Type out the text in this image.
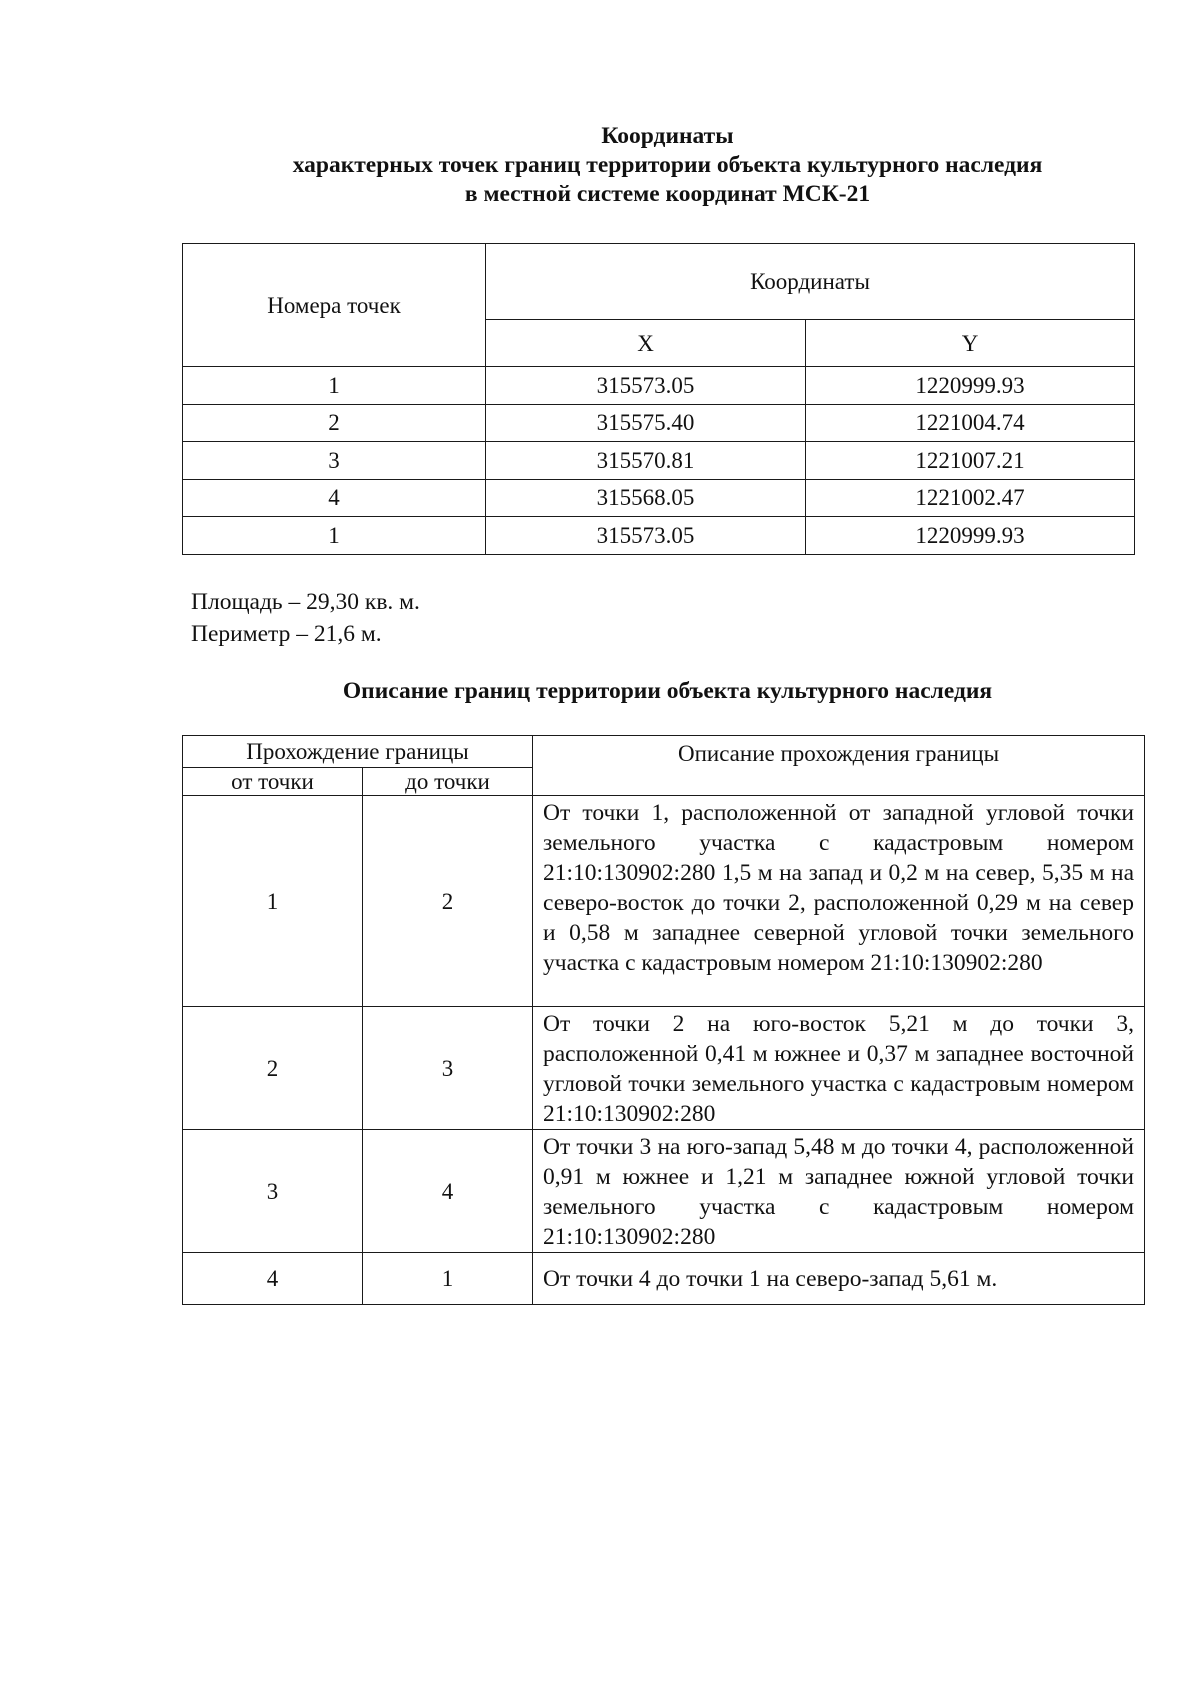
Координаты
характерных точек границ территории объекта культурного наследия
в местной системе координат МСК-21
Номера точек	Координаты	
	X	Y
1	315573.05	1220999.93
2	315575.40	1221004.74
3	315570.81	1221007.21
4	315568.05	1221002.47
1	315573.05	1220999.93
Площадь – 29,30 кв. м.
Периметр – 21,6 м.
Описание границ территории объекта культурного наследия
Прохождение границы		Описание прохождения границы
от точки	до точки	
1	2	От точки 1, расположенной от западной угловой точки земельного участка с кадастровым номером 21:10:130902:280 1,5 м на запад и 0,2 м на север, 5,35 м на северо-восток до точки 2, расположенной 0,29 м на север и 0,58 м западнее северной угловой точки земельного участка с кадастровым номером 21:10:130902:280
2	3	От точки 2 на юго-восток 5,21 м до точки 3, расположенной 0,41 м южнее и 0,37 м западнее восточной угловой точки земельного участка с кадастровым номером 21:10:130902:280
3	4	От точки 3 на юго-запад 5,48 м до точки 4, расположенной 0,91 м южнее и 1,21 м западнее южной угловой точки земельного участка с кадастровым номером 21:10:130902:280
4	1	От точки 4 до точки 1 на северо-запад 5,61 м.
